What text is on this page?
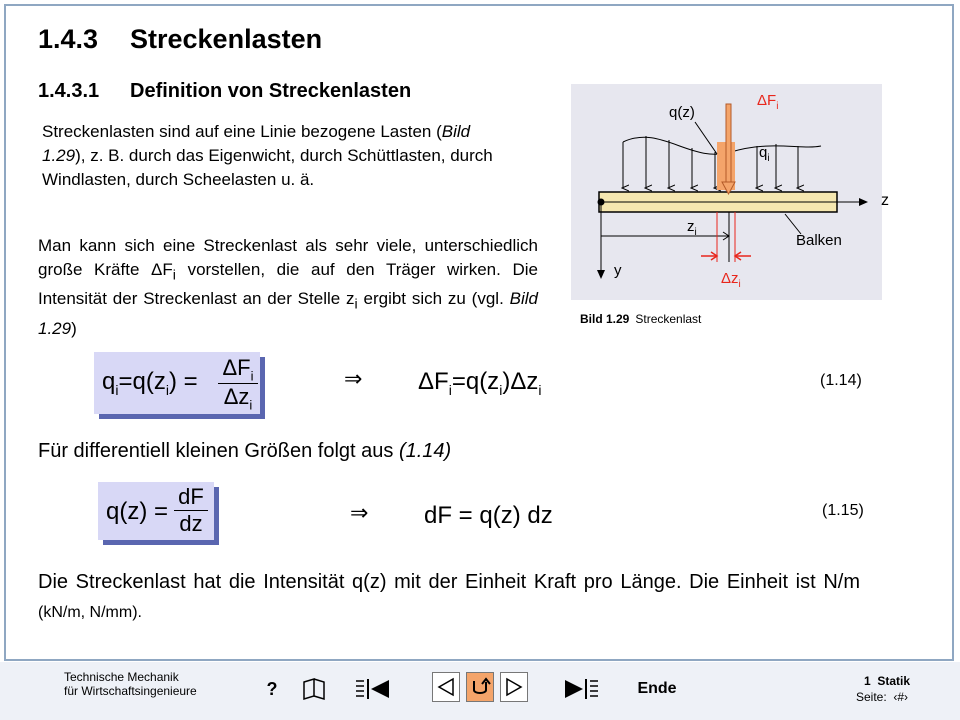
1.4.3 Streckenlasten
1.4.3.1 Definition von Streckenlasten
Streckenlasten sind auf eine Linie bezogene Lasten (Bild 1.29), z. B. durch das Eigenwicht, durch Schüttlasten, durch Windlasten, durch Scheelasten u. ä.
Man kann sich eine Streckenlast als sehr viele, unterschiedlich große Kräfte $\Delta F_i$ vorstellen, die auf den Träger wirken. Die Intensität der Streckenlast an der Stelle $z_i$ ergibt sich zu (vgl. Bild 1.29)
q(z)
$\Delta F_i$
$q_i$
z
$z_i$	Balken
y	$\Delta z_i$
Bild 1.29 Streckenlast
$q_i=q(z_i)$ =
$\Delta F_i$
$\Delta z_i$
⇒ $\Delta F_i=q(z_i)\Delta z_i$
(1.14)
Für differentiell kleinen Größen folgt aus (1.14)
q(z) =
dF
dz	⇒ dF = q(z) dz	(1.15)
Die Streckenlast hat die Intensität q(z) mit der Einheit Kraft pro Länge. Die Einheit ist N/m (kN/m, N/mm).
Technische Mechanik
für Wirtschaftsingenieure	?	Ende	1 Statik
Seite: ‹#›
